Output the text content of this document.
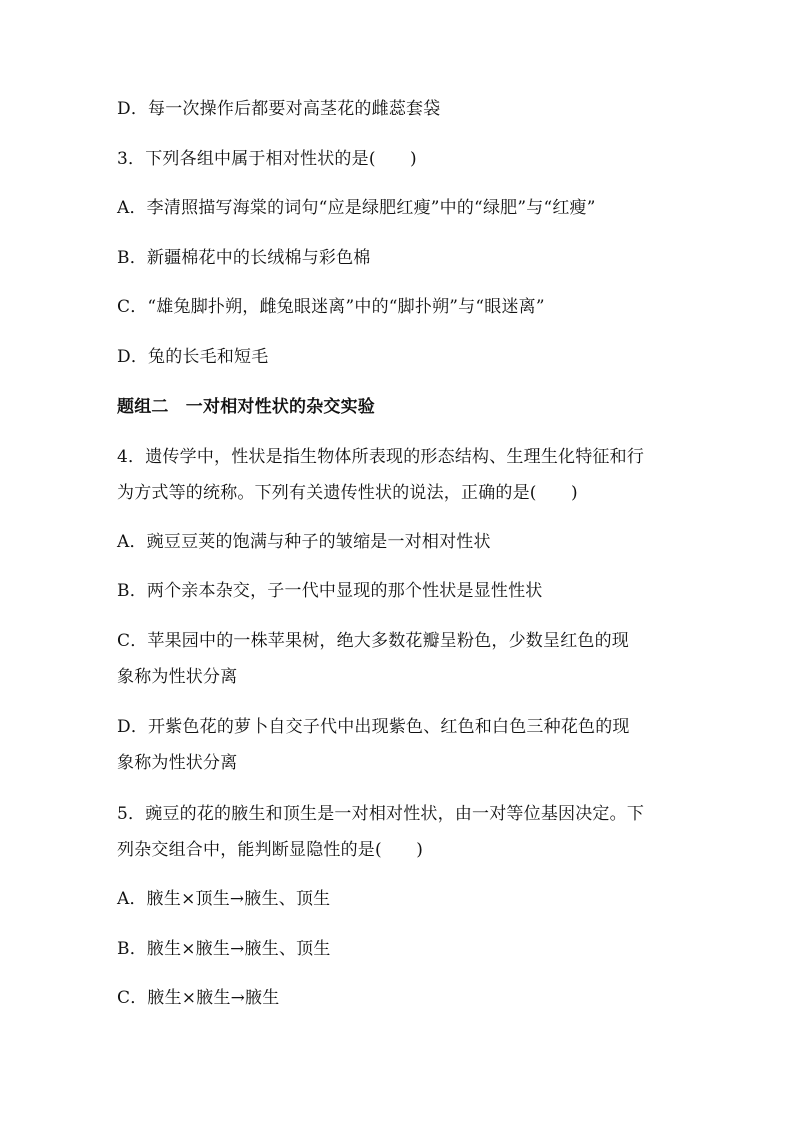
D．每一次操作后都要对高茎花的雌蕊套袋
3．下列各组中属于相对性状的是(　　)
A．李清照描写海棠的词句“应是绿肥红瘦”中的“绿肥”与“红瘦”
B．新疆棉花中的长绒棉与彩色棉
C．“雄兔脚扑朔，雌兔眼迷离”中的“脚扑朔”与“眼迷离”
D．兔的长毛和短毛
题组二　一对相对性状的杂交实验
4．遗传学中，性状是指生物体所表现的形态结构、生理生化特征和行
为方式等的统称。下列有关遗传性状的说法，正确的是(　　)
A．豌豆豆荚的饱满与种子的皱缩是一对相对性状
B．两个亲本杂交，子一代中显现的那个性状是显性性状
C．苹果园中的一株苹果树，绝大多数花瓣呈粉色，少数呈红色的现
象称为性状分离
D．开紫色花的萝卜自交子代中出现紫色、红色和白色三种花色的现
象称为性状分离
5．豌豆的花的腋生和顶生是一对相对性状，由一对等位基因决定。下
列杂交组合中，能判断显隐性的是(　　)
A．腋生×顶生→腋生、顶生
B．腋生×腋生→腋生、顶生
C．腋生×腋生→腋生
